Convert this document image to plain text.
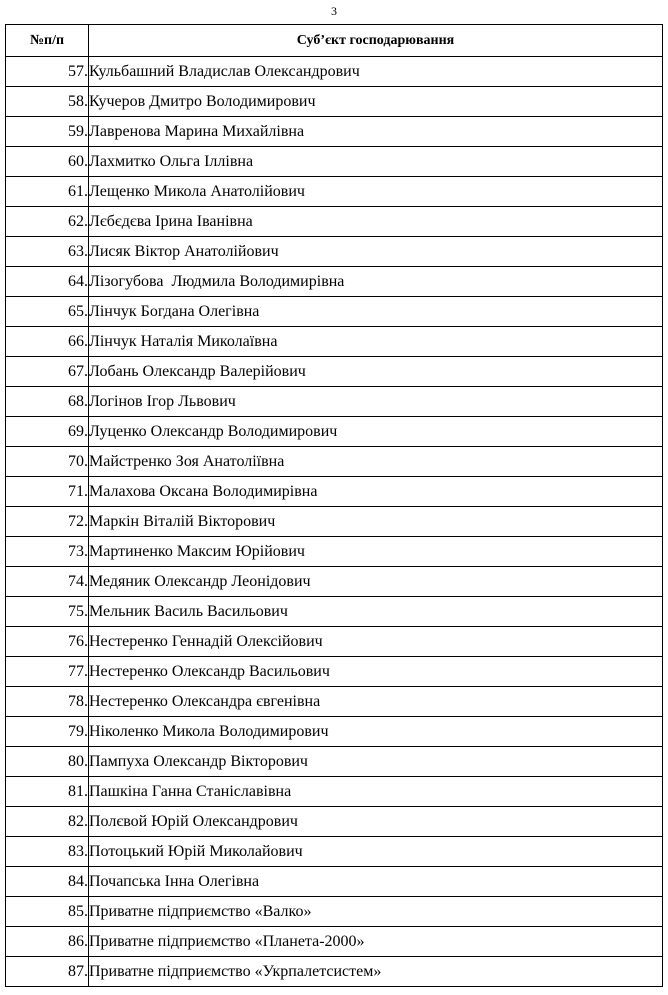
3
№п/п	Суб’єкт господарювання
57.	Кульбашний Владислав Олександрович
58.	Кучеров Дмитро Володимирович
59.	Лавренова Марина Михайлівна
60.	Лахмитко Ольга Іллівна
61.	Лещенко Микола Анатолійович
62.	Лєбєдєва Ірина Іванівна
63.	Лисяк Віктор Анатолійович
64.	Лізогубова  Людмила Володимирівна
65.	Лінчук Богдана Олегівна
66.	Лінчук Наталія Миколаївна
67.	Лобань Олександр Валерійович
68.	Логінов Ігор Львович
69.	Луценко Олександр Володимирович
70.	Майстренко Зоя Анатоліївна
71.	Малахова Оксана Володимирівна
72.	Маркін Віталій Вікторович
73.	Мартиненко Максим Юрійович
74.	Медяник Олександр Леонідович
75.	Мельник Василь Васильович
76.	Нестеренко Геннадій Олексійович
77.	Нестеренко Олександр Васильович
78.	Нестеренко Олександра євгенівна
79.	Ніколенко Микола Володимирович
80.	Пампуха Олександр Вікторович
81.	Пашкіна Ганна Станіславівна
82.	Полєвой Юрій Олександрович
83.	Потоцький Юрій Миколайович
84.	Почапська Інна Олегівна
85.	Приватне підприємство «Валко»
86.	Приватне підприємство «Планета-2000»
87.	Приватне підприємство «Укрпалетсистем»
